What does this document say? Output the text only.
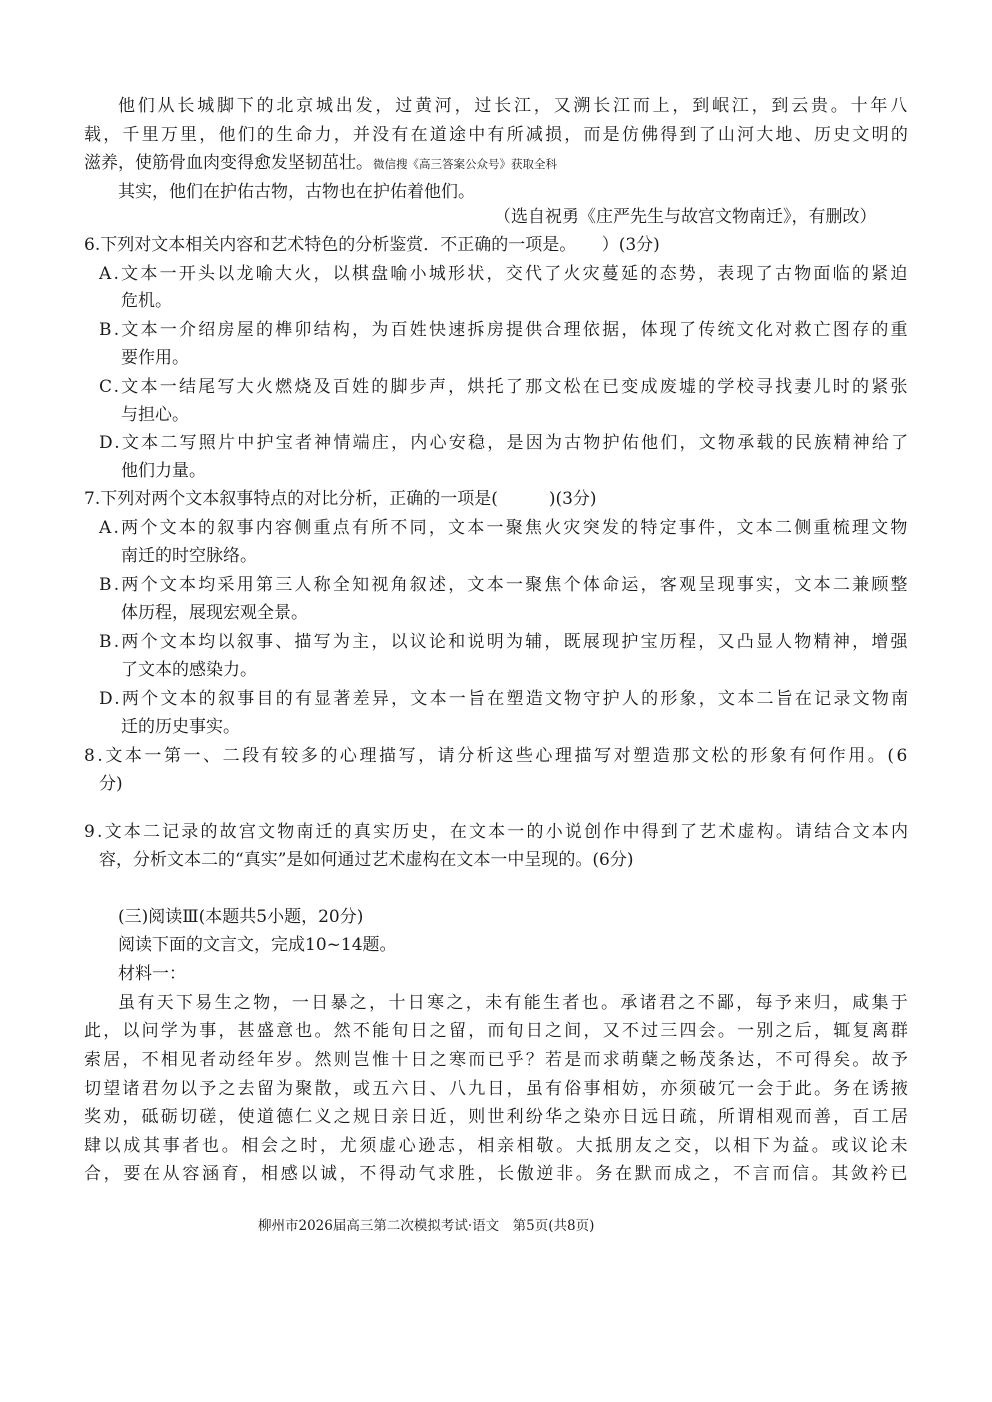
他们从长城脚下的北京城出发，过黄河，过长江，又溯长江而上，到岷江，到云贵。十年八
载，千里万里，他们的生命力，并没有在道途中有所减损，而是仿佛得到了山河大地、历史文明的
滋养，使筋骨血肉变得愈发坚韧茁壮。微信搜《高三答案公众号》获取全科
其实，他们在护佑古物，古物也在护佑着他们。
（选自祝勇《庄严先生与故宫文物南迁》，有删改）
6.下列对文本相关内容和艺术特色的分析鉴赏．不正确的一项是。　　）(3分)
A.文本一开头以龙喻大火，以棋盘喻小城形状，交代了火灾蔓延的态势，表现了古物面临的紧迫
危机。
B.文本一介绍房屋的榫卯结构，为百姓快速拆房提供合理依据，体现了传统文化对救亡图存的重
要作用。
C.文本一结尾写大火燃烧及百姓的脚步声，烘托了那文松在已变成废墟的学校寻找妻儿时的紧张
与担心。
D.文本二写照片中护宝者神情端庄，内心安稳，是因为古物护佑他们，文物承载的民族精神给了
他们力量。
7.下列对两个文本叙事特点的对比分析，正确的一项是(　　　)(3分)
A.两个文本的叙事内容侧重点有所不同，文本一聚焦火灾突发的特定事件，文本二侧重梳理文物
南迁的时空脉络。
B.两个文本均采用第三人称全知视角叙述，文本一聚焦个体命运，客观呈现事实，文本二兼顾整
体历程，展现宏观全景。
B.两个文本均以叙事、描写为主，以议论和说明为辅，既展现护宝历程，又凸显人物精神，增强
了文本的感染力。
D.两个文本的叙事目的有显著差异，文本一旨在塑造文物守护人的形象，文本二旨在记录文物南
迁的历史事实。
8.文本一第一、二段有较多的心理描写，请分析这些心理描写对塑造那文松的形象有何作用。(6
分)
9.文本二记录的故宫文物南迁的真实历史，在文本一的小说创作中得到了艺术虚构。请结合文本内
容，分析文本二的“真实”是如何通过艺术虚构在文本一中呈现的。(6分)
(三)阅读Ⅲ(本题共5小题，20分)
阅读下面的文言文，完成10~14题。
材料一：
虽有天下易生之物，一日暴之，十日寒之，未有能生者也。承诸君之不鄙，每予来归，咸集于
此，以问学为事，甚盛意也。然不能旬日之留，而旬日之间，又不过三四会。一别之后，辄复离群
索居，不相见者动经年岁。然则岂惟十日之寒而已乎？若是而求萌蘖之畅茂条达，不可得矣。故予
切望诸君勿以予之去留为聚散，或五六日、八九日，虽有俗事相妨，亦须破冗一会于此。务在诱掖
奖劝，砥砺切磋，使道德仁义之规日亲日近，则世利纷华之染亦日远日疏，所谓相观而善，百工居
肆以成其事者也。相会之时，尤须虚心逊志，相亲相敬。大抵朋友之交，以相下为益。或议论未
合，要在从容涵育，相感以诚，不得动气求胜，长傲逆非。务在默而成之，不言而信。其敛衿已
柳州市2026届高三第二次模拟考试·语文　第5页(共8页)
